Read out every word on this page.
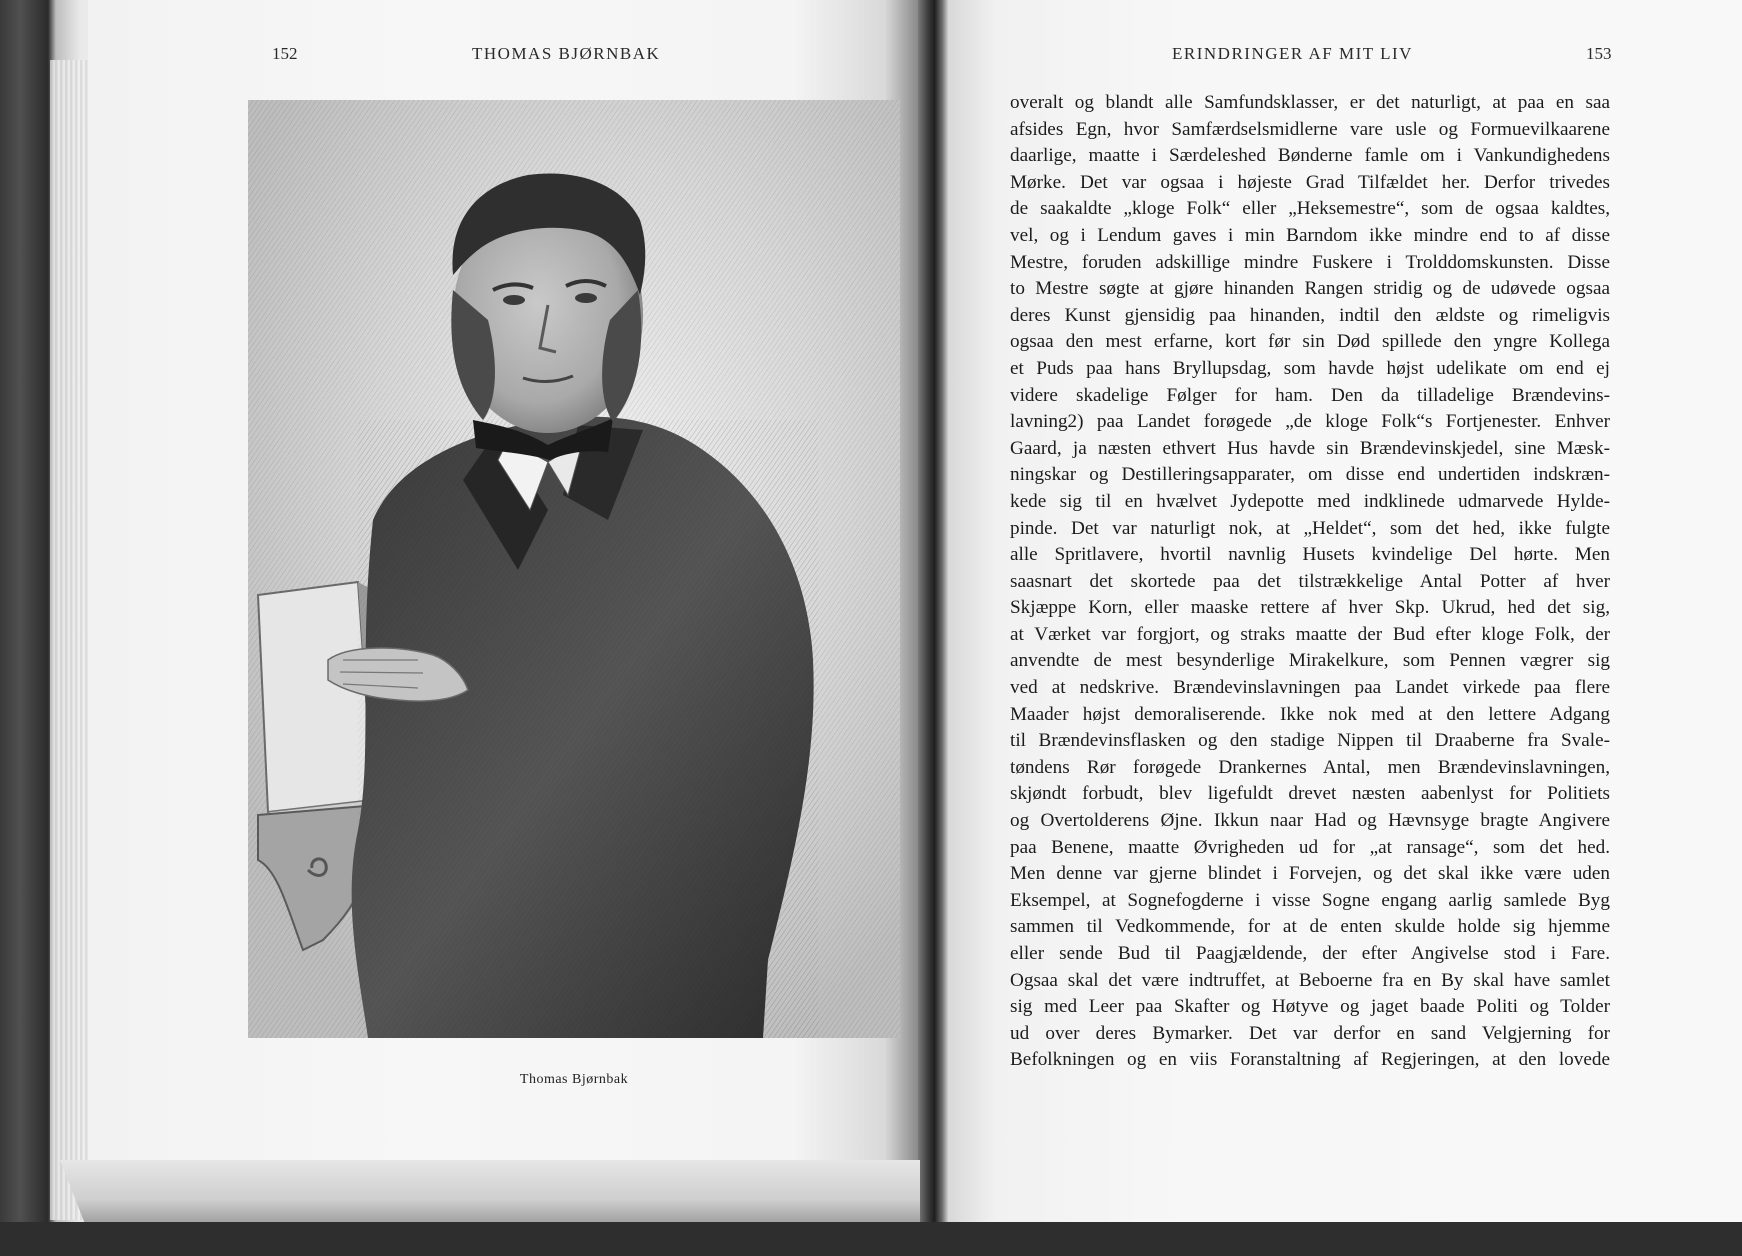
152	THOMAS BJØRNBAK
Thomas Bjørnbak
ERINDRINGER AF MIT LIV	153
overalt og blandt alle Samfundsklasser, er det naturligt, at paa en saa
afsides Egn, hvor Samfærdselsmidlerne vare usle og Formuevilkaarene
daarlige, maatte i Særdeleshed Bønderne famle om i Vankundighedens
Mørke. Det var ogsaa i højeste Grad Tilfældet her. Derfor trivedes
de saakaldte „kloge Folk“ eller „Heksemestre“, som de ogsaa kaldtes,
vel, og i Lendum gaves i min Barndom ikke mindre end to af disse
Mestre, foruden adskillige mindre Fuskere i Trolddomskunsten. Disse
to Mestre søgte at gjøre hinanden Rangen stridig og de udøvede ogsaa
deres Kunst gjensidig paa hinanden, indtil den ældste og rimeligvis
ogsaa den mest erfarne, kort før sin Død spillede den yngre Kollega
et Puds paa hans Bryllupsdag, som havde højst udelikate om end ej
videre skadelige Følger for ham. Den da tilladelige Brændevins-
lavning2) paa Landet forøgede „de kloge Folk“s Fortjenester. Enhver
Gaard, ja næsten ethvert Hus havde sin Brændevinskjedel, sine Mæsk-
ningskar og Destilleringsapparater, om disse end undertiden indskræn-
kede sig til en hvælvet Jydepotte med indklinede udmarvede Hylde-
pinde. Det var naturligt nok, at „Heldet“, som det hed, ikke fulgte
alle Spritlavere, hvortil navnlig Husets kvindelige Del hørte. Men
saasnart det skortede paa det tilstrækkelige Antal Potter af hver
Skjæppe Korn, eller maaske rettere af hver Skp. Ukrud, hed det sig,
at Værket var forgjort, og straks maatte der Bud efter kloge Folk, der
anvendte de mest besynderlige Mirakelkure, som Pennen vægrer sig
ved at nedskrive. Brændevinslavningen paa Landet virkede paa flere
Maader højst demoraliserende. Ikke nok med at den lettere Adgang
til Brændevinsflasken og den stadige Nippen til Draaberne fra Svale-
tøndens Rør forøgede Drankernes Antal, men Brændevinslavningen,
skjøndt forbudt, blev ligefuldt drevet næsten aabenlyst for Politiets
og Overtolderens Øjne. Ikkun naar Had og Hævnsyge bragte Angivere
paa Benene, maatte Øvrigheden ud for „at ransage“, som det hed.
Men denne var gjerne blindet i Forvejen, og det skal ikke være uden
Eksempel, at Sognefogderne i visse Sogne engang aarlig samlede Byg
sammen til Vedkommende, for at de enten skulde holde sig hjemme
eller sende Bud til Paagjældende, der efter Angivelse stod i Fare.
Ogsaa skal det være indtruffet, at Beboerne fra en By skal have samlet
sig med Leer paa Skafter og Høtyve og jaget baade Politi og Tolder
ud over deres Bymarker. Det var derfor en sand Velgjerning for
Befolkningen og en viis Foranstaltning af Regjeringen, at den lovede
